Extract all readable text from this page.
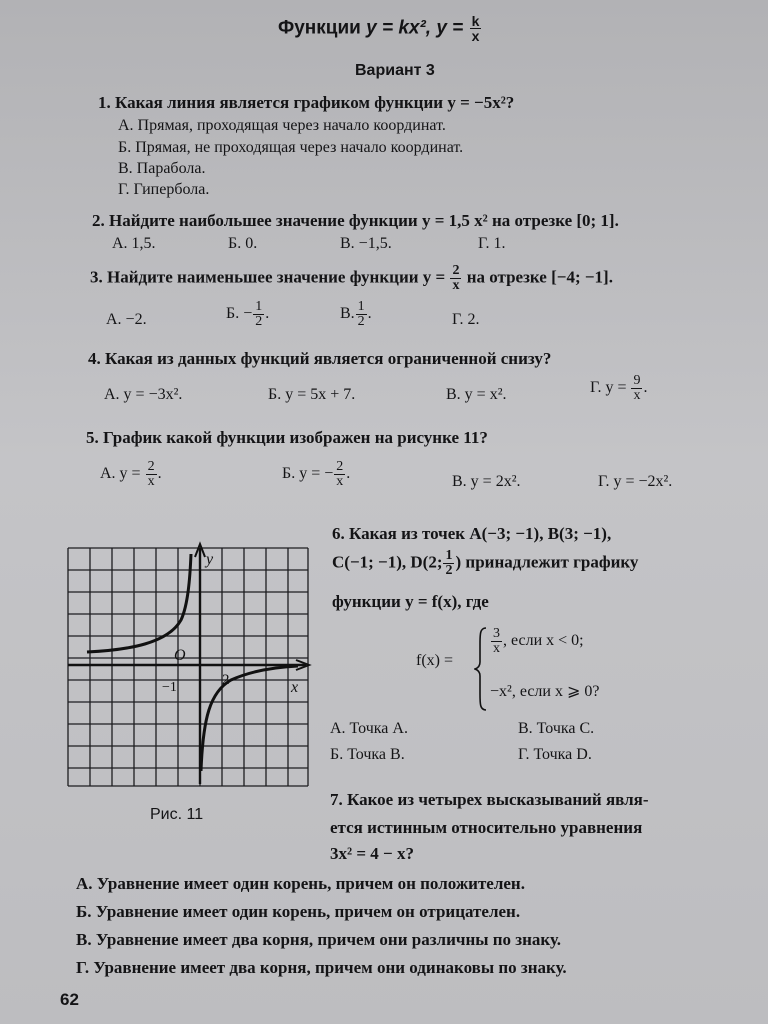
Функции y = kx², $y = \frac{k}{x}$
Вариант 3
1. Какая линия является графиком функции y = −5x²?
А. Прямая, проходящая через начало координат.
Б. Прямая, не проходящая через начало координат.
В. Парабола.
Г. Гипербола.
2. Найдите наибольшее значение функции y = 1,5 x² на отрезке [0; 1].
А. 1,5.	Б. 0.	В. −1,5.	Г. 1.
3. Найдите наименьшее значение функции $y = \frac{2}{x}$ на отрезке [−4; −1].
А. −2.	Б. − $\frac{1}{2}$ .	В. $\frac{1}{2}$ .	Г. 2.
4. Какая из данных функций является ограниченной снизу?
А. y = −3x².	Б. y = 5x + 7.	В. y = x².	Г. $y = \frac{9}{x}$ .
5. График какой функции изображен на рисунке 11?
А. $y = \frac{2}{x}$ .	Б. y = − $\frac{2}{x}$ .	В. y = 2x².	Г. y = −2x².
y
O
−1	2	x
Рис. 11
6. Какая из точек A(−3; −1), B(3; −1),
C(−1; −1), D(2; $\frac{1}{2}$ ) принадлежит графику
функции y = f(x), где
f(x) =
$\frac{3}{x}$ , если x < 0;
−x², если x ⩾ 0?
А. Точка A.
Б. Точка B.
В. Точка C.
Г. Точка D.
7. Какое из четырех высказываний явля-
ется истинным относительно уравнения
3x² = 4 − x?
А. Уравнение имеет один корень, причем он положителен.
Б. Уравнение имеет один корень, причем он отрицателен.
В. Уравнение имеет два корня, причем они различны по знаку.
Г. Уравнение имеет два корня, причем они одинаковы по знаку.
62
